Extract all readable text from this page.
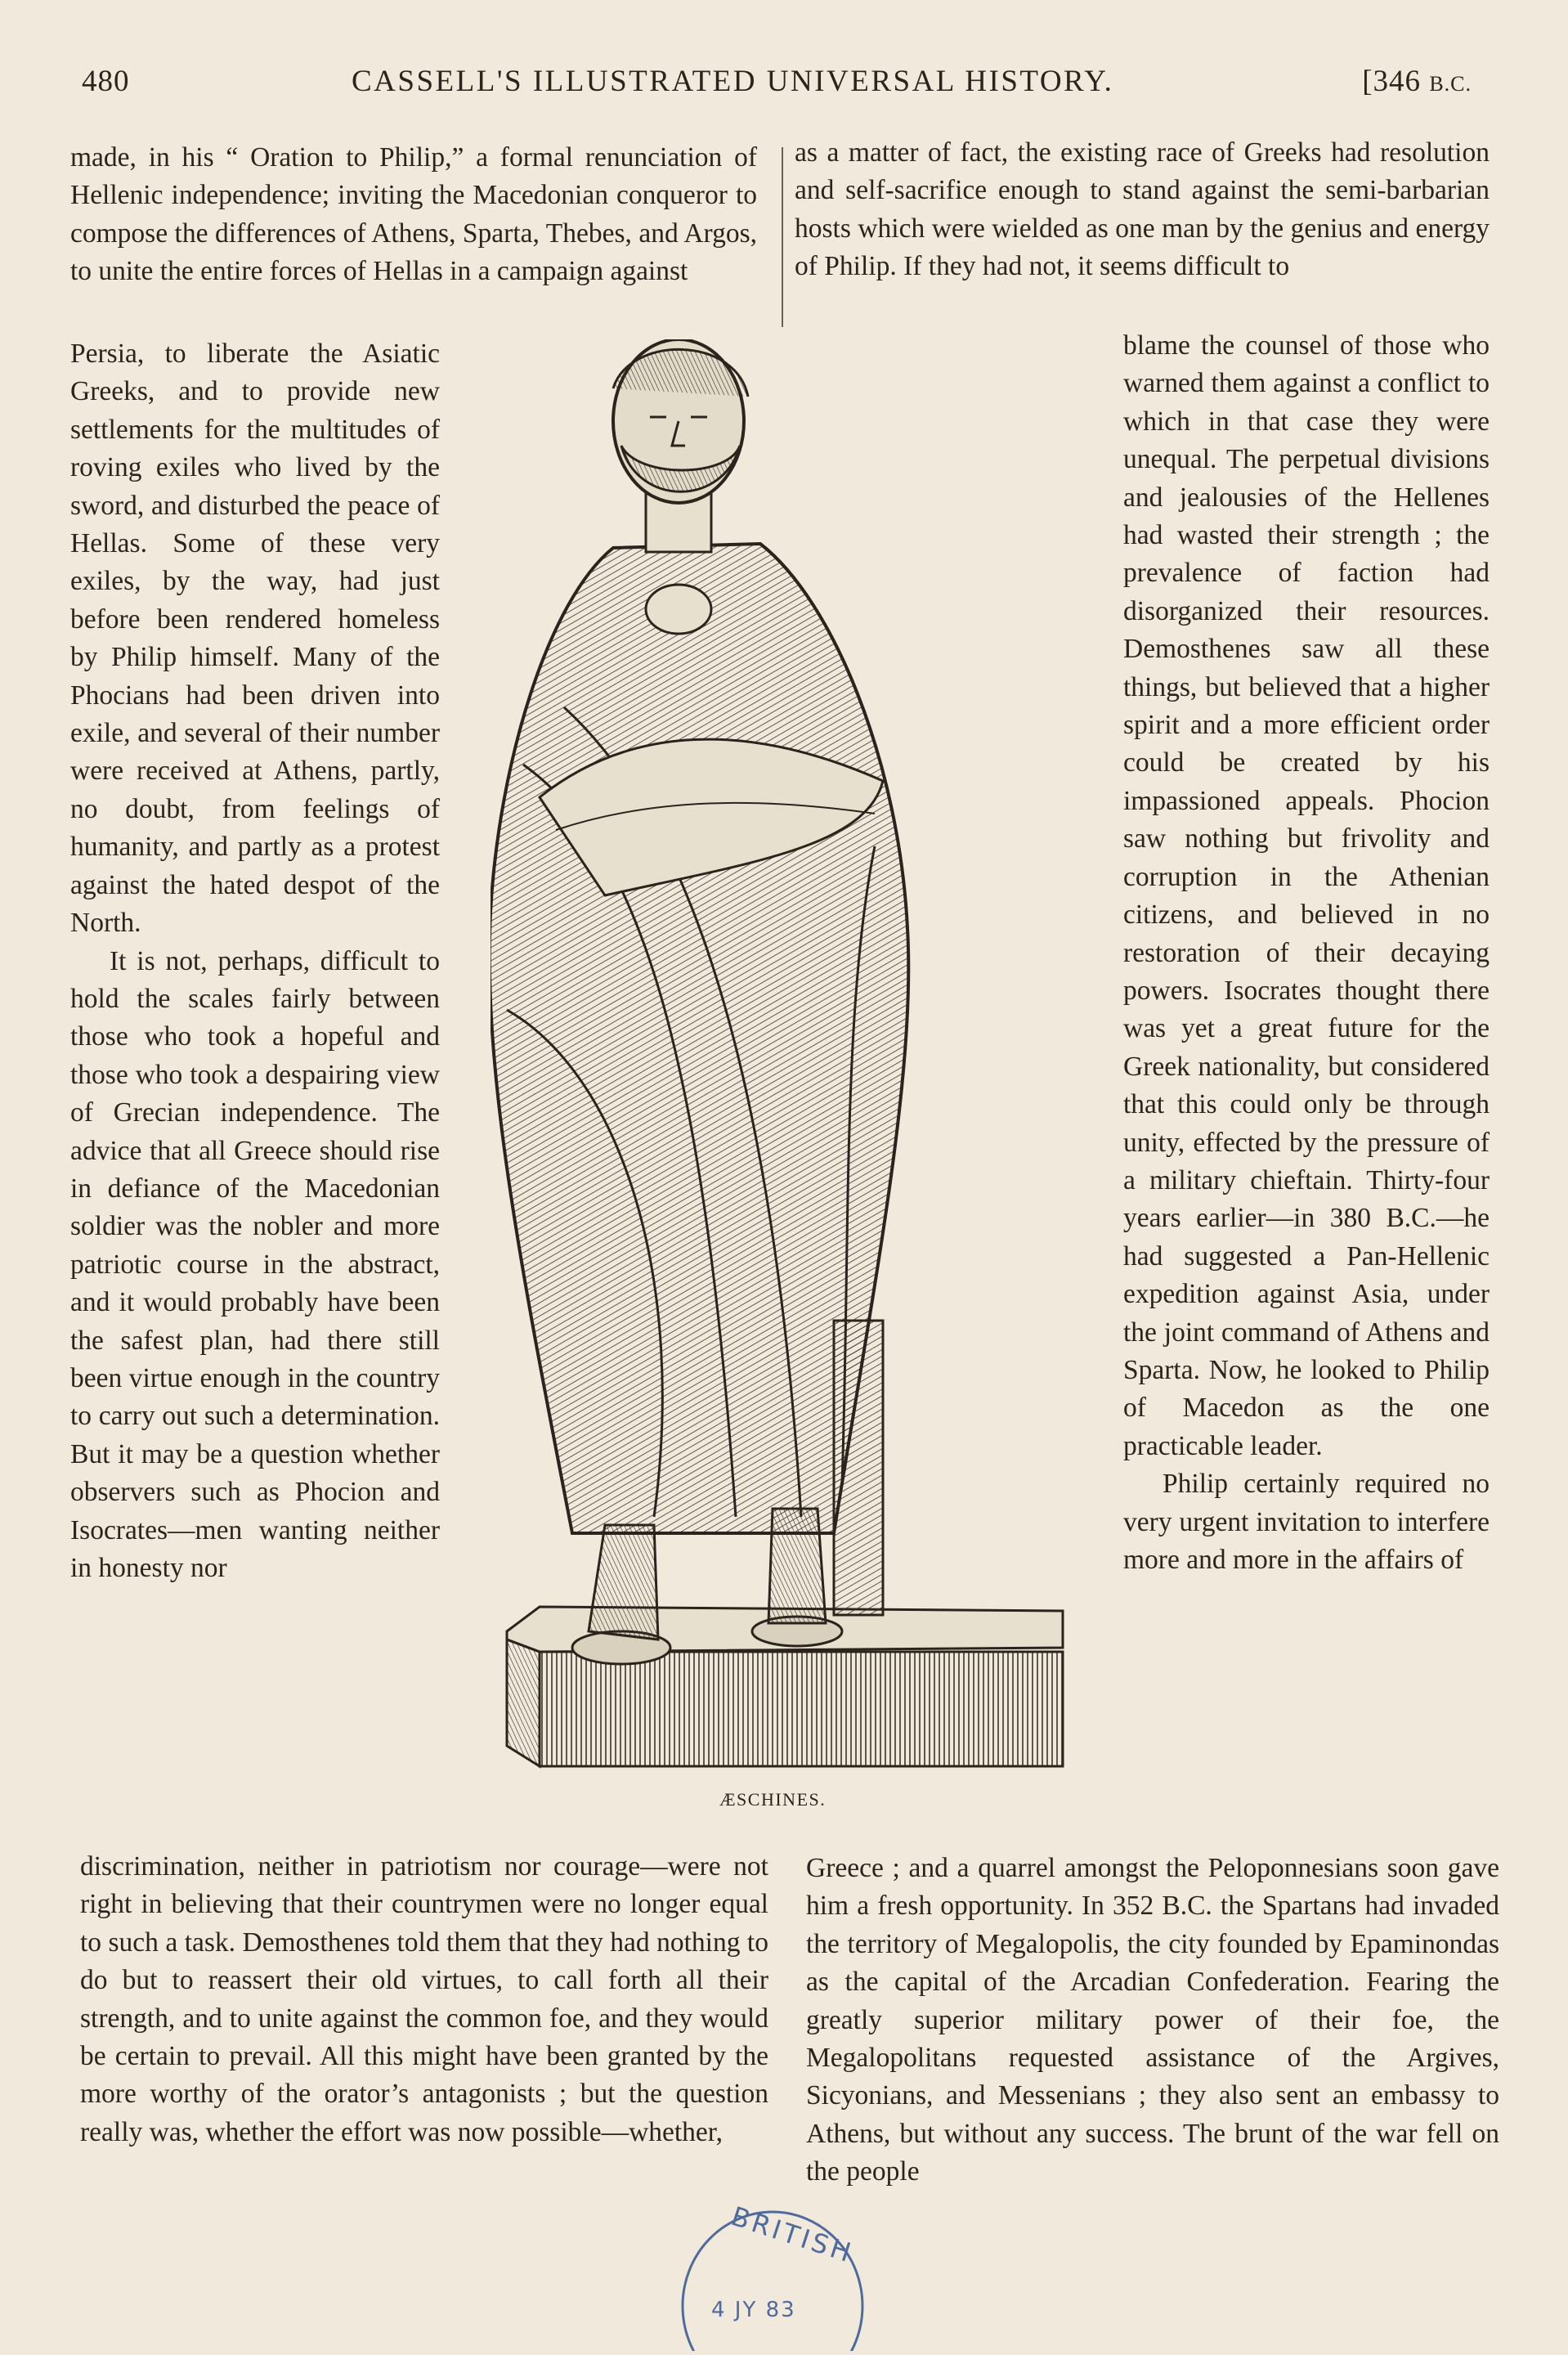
480	CASSELL'S ILLUSTRATED UNIVERSAL HISTORY.	[346 B.C.

made, in his “ Oration to Philip,” a formal renunciation of Hellenic independence; inviting the Macedonian conqueror to compose the differences of Athens, Sparta, Thebes, and Argos, to unite the entire forces of Hellas in a campaign against

Persia, to liberate the Asiatic Greeks, and to provide new settlements for the multitudes of roving exiles who lived by the sword, and disturbed the peace of Hellas. Some of these very exiles, by the way, had just before been rendered homeless by Philip himself. Many of the Phocians had been driven into exile, and several of their number were received at Athens, partly, no doubt, from feelings of humanity, and partly as a protest against the hated despot of the North.

It is not, perhaps, difficult to hold the scales fairly between those who took a hopeful and those who took a despairing view of Grecian independence. The advice that all Greece should rise in defiance of the Macedonian soldier was the nobler and more patriotic course in the abstract, and it would probably have been the safest plan, had there still been virtue enough in the country to carry out such a determination. But it may be a question whether observers such as Phocion and Isocrates—men wanting neither in honesty nor

discrimination, neither in patriotism nor courage—were not right in believing that their countrymen were no longer equal to such a task. Demosthenes told them that they had nothing to do but to reassert their old virtues, to call forth all their strength, and to unite against the common foe, and they would be certain to prevail. All this might have been granted by the more worthy of the orator’s antagonists ; but the question really was, whether the effort was now possible—whether,

as a matter of fact, the existing race of Greeks had resolution and self-sacrifice enough to stand against the semi-barbarian hosts which were wielded as one man by the genius and energy of Philip. If they had not, it seems difficult to

blame the counsel of those who warned them against a conflict to which in that case they were unequal. The perpetual divisions and jealousies of the Hellenes had wasted their strength ; the prevalence of faction had disorganized their resources. Demosthenes saw all these things, but believed that a higher spirit and a more efficient order could be created by his impassioned appeals. Phocion saw nothing but frivolity and corruption in the Athenian citizens, and believed in no restoration of their decaying powers. Isocrates thought there was yet a great future for the Greek nationality, but considered that this could only be through unity, effected by the pressure of a military chieftain. Thirty-four years earlier—in 380 B.C.—he had suggested a Pan-Hellenic expedition against Asia, under the joint command of Athens and Sparta. Now, he looked to Philip of Macedon as the one practicable leader.

Philip certainly required no very urgent invitation to interfere more and more in the affairs of

Greece ; and a quarrel amongst the Peloponnesians soon gave him a fresh opportunity. In 352 B.C. the Spartans had invaded the territory of Megalopolis, the city founded by Epaminondas as the capital of the Arcadian Confederation. Fearing the greatly superior military power of their foe, the Megalopolitans requested assistance of the Argives, Sicyonians, and Messenians ; they also sent an embassy to Athens, but without any success. The brunt of the war fell on the people

ÆSCHINES.
BRITISH
4 JY 83
